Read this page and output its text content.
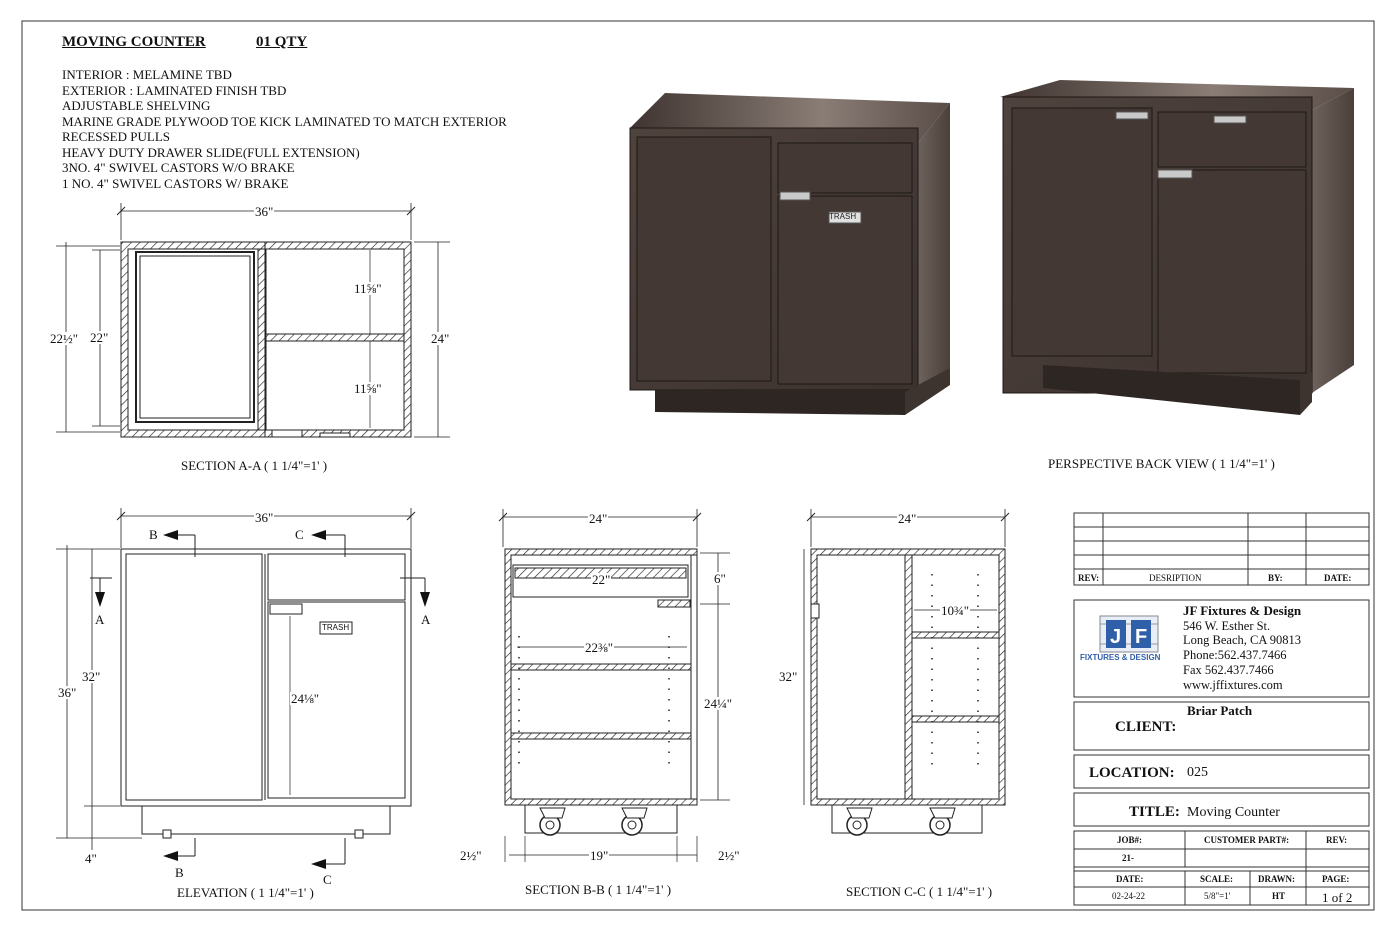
J F
MOVING COUNTER	01 QTY
INTERIOR : MELAMINE TBD
EXTERIOR : LAMINATED FINISH TBD
ADJUSTABLE SHELVING
MARINE GRADE PLYWOOD TOE KICK LAMINATED TO MATCH EXTERIOR
RECESSED PULLS
HEAVY DUTY DRAWER SLIDE(FULL EXTENSION)
3NO. 4" SWIVEL CASTORS W/O BRAKE
1 NO. 4" SWIVEL CASTORS W/ BRAKE
SECTION A-A ( 1 1/4"=1' )	PERSPECTIVE BACK VIEW ( 1 1/4"=1' )
ELEVATION ( 1 1/4"=1' )	SECTION B-B ( 1 1/4"=1' )	SECTION C-C ( 1 1/4"=1' )
36"
22½" 22"	24"
11⅝"
11⅝"
36"
32"
36"
4"
24⅛"
B	C
A	A
B	C
TRASH
TRASH
24"
22"
22⅜"
6"
24¼"
19"
2½"	2½"
24"
32"
10¾"
REV:	DESRIPTION	BY:	DATE:
JF Fixtures & Design
546 W. Esther St.
Long Beach, CA 90813
Phone:562.437.7466
Fax 562.437.7466
www.jffixtures.com
FIXTURES & DESIGN
Briar Patch
CLIENT:
LOCATION: 025
TITLE: Moving Counter
JOB#:	CUSTOMER PART#:	REV:
21-
DATE:	SCALE:	DRAWN:	PAGE:
02-24-22	5/8"=1'	HT	1 of 2
